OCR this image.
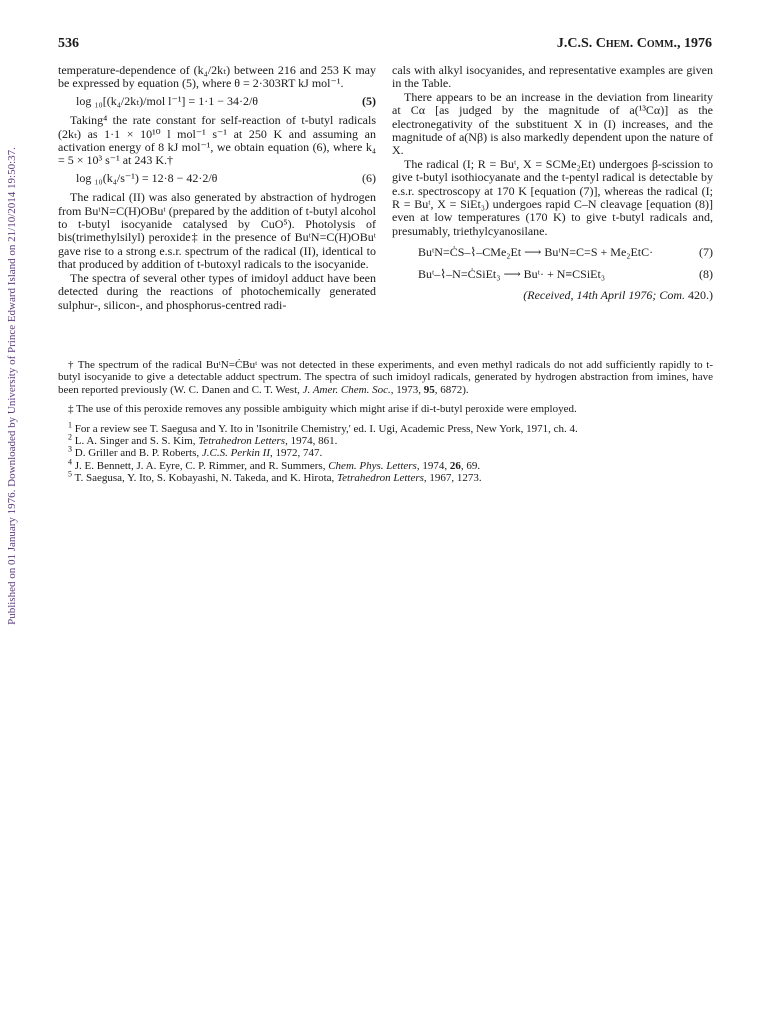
Published on 01 January 1976. Downloaded by University of Prince Edward Island on 21/10/2014 19:50:37.
536	J.C.S. Chem. Comm., 1976

temperature-dependence of (k₄/2kₜ) between 216 and 253 K may be expressed by equation (5), where θ = 2·303RT kJ mol⁻¹.

log ₁₀[(k₄/2kₜ)/mol l⁻¹] = 1·1 − 34·2/θ	(5)

Taking⁴ the rate constant for self-reaction of t-butyl radicals (2kₜ) as 1·1 × 10¹⁰ l mol⁻¹ s⁻¹ at 250 K and assuming an activation energy of 8 kJ mol⁻¹, we obtain equation (6), where k₄ = 5 × 10³ s⁻¹ at 243 K.†

log ₁₀(k₄/s⁻¹) = 12·8 − 42·2/θ	(6)

The radical (II) was also generated by abstraction of hydrogen from BuᵗN=C(H)OBuᵗ (prepared by the addition of t-butyl alcohol to t-butyl isocyanide catalysed by CuO⁵). Photolysis of bis(trimethylsilyl) peroxide‡ in the presence of BuᵗN=C(H)OBuᵗ gave rise to a strong e.s.r. spectrum of the radical (II), identical to that produced by addition of t-butoxyl radicals to the isocyanide.

The spectra of several other types of imidoyl adduct have been detected during the reactions of photochemically generated sulphur-, silicon-, and phosphorus-centred radi-

cals with alkyl isocyanides, and representative examples are given in the Table.

There appears to be an increase in the deviation from linearity at Cα [as judged by the magnitude of a(¹³Cα)] as the electronegativity of the substituent X in (I) increases, and the magnitude of a(Nβ) is also markedly dependent upon the nature of X.

The radical (I; R = Buᵗ, X = SCMe₂Et) undergoes β-scission to give t-butyl isothiocyanate and the t-pentyl radical is detectable by e.s.r. spectroscopy at 170 K [equation (7)], whereas the radical (I; R = Buᵗ, X = SiEt₃) undergoes rapid C–N cleavage [equation (8)] even at low temperatures (170 K) to give t-butyl radicals and, presumably, triethylcyanosilane.

BuᵗN=ĊS–⌇–CMe₂Et ⟶ BuᵗN=C=S + Me₂EtC·	(7)
Buᵗ–⌇–N=ĊSiEt₃ ⟶ Buᵗ· + N≡CSiEt₃	(8)

(Received, 14th April 1976; Com. 420.)

† The spectrum of the radical BuᵗN=ĊBuᵗ was not detected in these experiments, and even methyl radicals do not add sufficiently rapidly to t-butyl isocyanide to give a detectable adduct spectrum. The spectra of such imidoyl radicals, generated by hydrogen abstraction from imines, have been reported previously (W. C. Danen and C. T. West, J. Amer. Chem. Soc., 1973, 95, 6872).

‡ The use of this peroxide removes any possible ambiguity which might arise if di-t-butyl peroxide were employed.

$^1$ For a review see T. Saegusa and Y. Ito in 'Isonitrile Chemistry,' ed. I. Ugi, Academic Press, New York, 1971, ch. 4.
$^2$ L. A. Singer and S. S. Kim, Tetrahedron Letters, 1974, 861.
$^3$ D. Griller and B. P. Roberts, J.C.S. Perkin II, 1972, 747.
$^4$ J. E. Bennett, J. A. Eyre, C. P. Rimmer, and R. Summers, Chem. Phys. Letters, 1974, 26, 69.
$^5$ T. Saegusa, Y. Ito, S. Kobayashi, N. Takeda, and K. Hirota, Tetrahedron Letters, 1967, 1273.
